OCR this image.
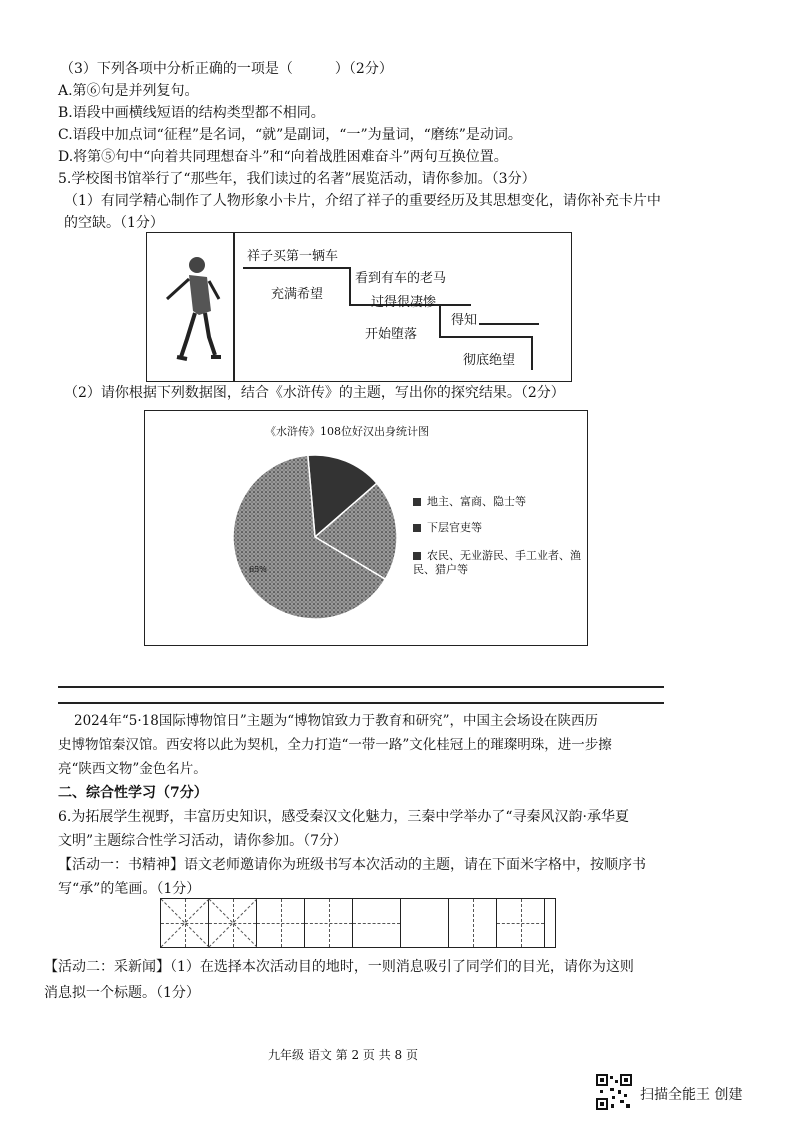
（3）下列各项中分析正确的一项是（　　　）（2分）
A.第⑥句是并列复句。
B.语段中画横线短语的结构类型都不相同。
C.语段中加点词“征程”是名词，“就”是副词，“一”为量词，“磨练”是动词。
D.将第⑤句中“向着共同理想奋斗”和“向着战胜困难奋斗”两句互换位置。
5.学校图书馆举行了“那些年，我们读过的名著”展览活动，请你参加。（3分）
（1）有同学精心制作了人物形象小卡片，介绍了祥子的重要经历及其思想变化，请你补充卡片中
的空缺。（1分）
祥子买第一辆车
充满希望
看到有车的老马
过得很凄惨
开始堕落
得知
彻底绝望
（2）请你根据下列数据图，结合《水浒传》的主题，写出你的探究结果。（2分）
《水浒传》108位好汉出身统计图
65%
地主、富商、隐士等
下层官吏等
农民、无业游民、手工业者、渔民、猎户等
2024年“5·18国际博物馆日”主题为“博物馆致力于教育和研究”，中国主会场设在陕西历
史博物馆秦汉馆。西安将以此为契机，全力打造“一带一路”文化桂冠上的璀璨明珠，进一步擦
亮“陕西文物”金色名片。
二、综合性学习（7分）
6.为拓展学生视野，丰富历史知识，感受秦汉文化魅力，三秦中学举办了“寻秦风汉韵·承华夏
文明”主题综合性学习活动，请你参加。（7分）
【活动一：书精神】语文老师邀请你为班级书写本次活动的主题，请在下面米字格中，按顺序书
写“承”的笔画。（1分）
【活动二：采新闻】（1）在选择本次活动目的地时，一则消息吸引了同学们的目光，请你为这则
消息拟一个标题。（1分）
九年级 语文 第 2 页 共 8 页
扫描全能王 创建
